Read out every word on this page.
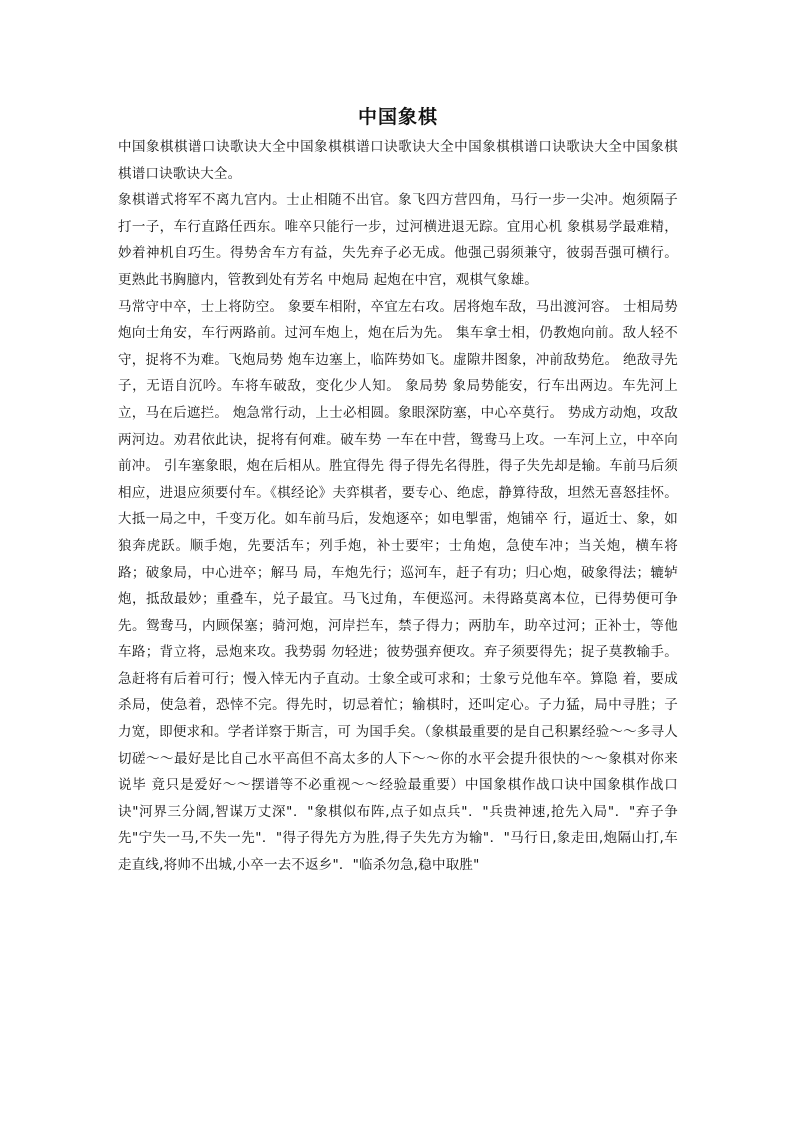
中国象棋

中国象棋棋谱口诀歌诀大全中国象棋棋谱口诀歌诀大全中国象棋棋谱口诀歌诀大全中国象棋棋谱口诀歌诀大全。

象棋谱式将军不离九宫内。士止相随不出官。象飞四方营四角，马行一步一尖冲。炮须隔子打一子，车行直路任西东。唯卒只能行一步，过河横进退无踪。宜用心机 象棋易学最难精，妙着神机自巧生。得势舍车方有益，失先弃子必无成。他强己弱须兼守，彼弱吾强可横行。更熟此书胸臆内，管教到处有芳名 中炮局 起炮在中宫，观棋气象雄。

马常守中卒，士上将防空。 象要车相附，卒宜左右攻。居将炮车敌，马出渡河容。 士相局势 炮向士角安，车行两路前。过河车炮上，炮在后为先。 集车拿士相，仍教炮向前。敌人轻不守，捉将不为难。飞炮局势 炮车边塞上，临阵势如飞。虚隙井图象，冲前敌势危。 绝敌寻先子，无语自沉吟。车将车破敌，变化少人知。 象局势 象局势能安，行车出两边。车先河上立，马在后遮拦。 炮急常行动，上士必相圆。象眼深防塞，中心卒莫行。 势成方动炮，攻敌两河边。劝君依此诀，捉将有何难。破车势 一车在中营，鸳鸯马上攻。一车河上立，中卒向前冲。 引车塞象眼，炮在后相从。胜宜得先 得子得先名得胜，得子失先却是输。车前马后须相应，进退应须要付车。《棋经论》夫弈棋者，要专心、绝虑，静算待敌，坦然无喜怒挂怀。大抵一局之中，千变万化。如车前马后，发炮逐卒；如电掣雷，炮铺卒 行，逼近士、象，如狼奔虎跃。顺手炮，先要活车；列手炮，补士要牢；士角炮，急使车冲；当关炮，横车将路；破象局，中心进卒；解马 局，车炮先行；巡河车，赶子有功；归心炮，破象得法；辘轳炮，抵敌最妙；重叠车，兑子最宜。马飞过角，车便巡河。未得路莫离本位，已得势便可争先。鸳鸯马，内顾保塞；骑河炮，河岸拦车，禁子得力；两肋车，助卒过河；正补士，等他车路；背立将，忌炮来攻。我势弱 勿轻进；彼势强弃便攻。弃子须要得先；捉子莫教输手。急赶将有后着可行；慢入悻无内子直动。士象全或可求和；士象亏兑他车卒。算隐 着，要成杀局，使急着，恐悻不完。得先时，切忌着忙；输棋时，还叫定心。子力猛，局中寻胜；子力宽，即便求和。学者详察于斯言，可 为国手矣。（象棋最重要的是自己积累经验～～多寻人切磋～～最好是比自己水平高但不高太多的人下～～你的水平会提升很快的～～象棋对你来说毕 竟只是爱好～～摆谱等不必重视～～经验最重要）中国象棋作战口诀中国象棋作战口诀"河界三分阔,智谋万丈深"．"象棋似布阵,点子如点兵"．"兵贵神速,抢先入局"．"弃子争先"宁失一马,不失一先"．"得子得先方为胜,得子失先方为输"．"马行日,象走田,炮隔山打,车走直线,将帅不出城,小卒一去不返乡"．"临杀勿急,稳中取胜"
